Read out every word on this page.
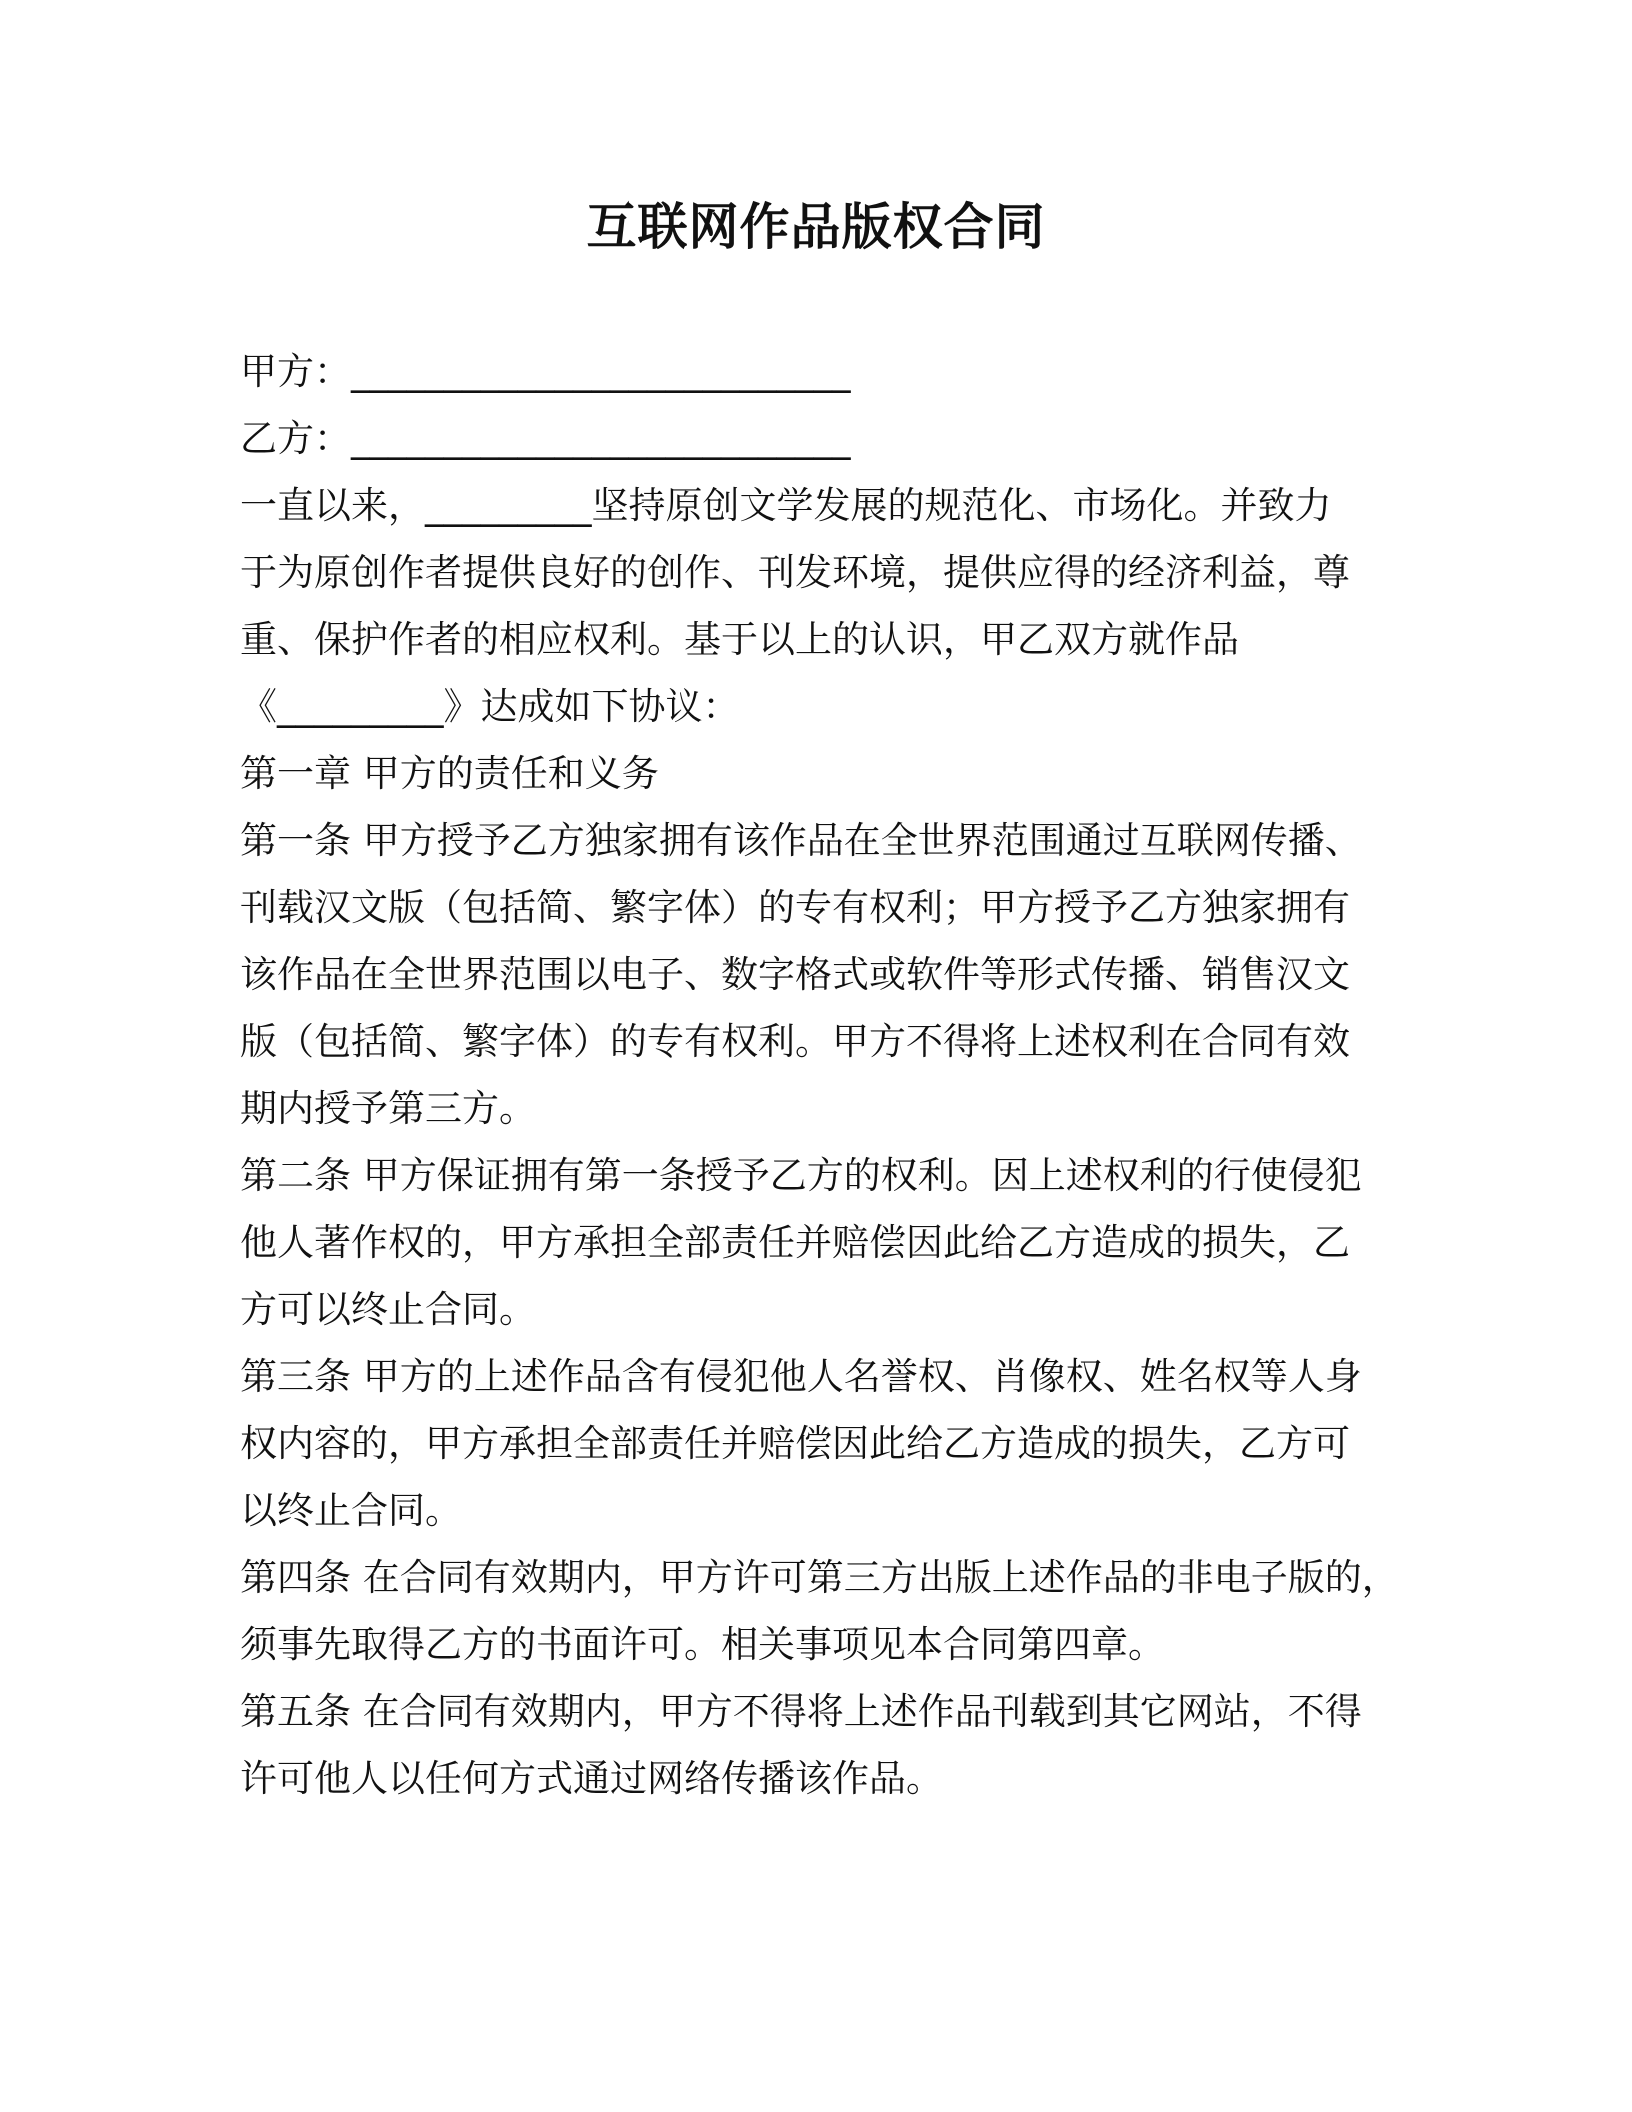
互联网作品版权合同
甲方：___________________________
乙方：___________________________
一直以来，_________坚持原创文学发展的规范化、市场化。并致力
于为原创作者提供良好的创作、刊发环境，提供应得的经济利益，尊
重、保护作者的相应权利。基于以上的认识，甲乙双方就作品
《_________》达成如下协议：
第一章 甲方的责任和义务
第一条 甲方授予乙方独家拥有该作品在全世界范围通过互联网传播、
刊载汉文版（包括简、繁字体）的专有权利；甲方授予乙方独家拥有
该作品在全世界范围以电子、数字格式或软件等形式传播、销售汉文
版（包括简、繁字体）的专有权利。甲方不得将上述权利在合同有效
期内授予第三方。
第二条 甲方保证拥有第一条授予乙方的权利。因上述权利的行使侵犯
他人著作权的，甲方承担全部责任并赔偿因此给乙方造成的损失，乙
方可以终止合同。
第三条 甲方的上述作品含有侵犯他人名誉权、肖像权、姓名权等人身
权内容的，甲方承担全部责任并赔偿因此给乙方造成的损失，乙方可
以终止合同。
第四条 在合同有效期内，甲方许可第三方出版上述作品的非电子版的，
须事先取得乙方的书面许可。相关事项见本合同第四章。
第五条 在合同有效期内，甲方不得将上述作品刊载到其它网站，不得
许可他人以任何方式通过网络传播该作品。
